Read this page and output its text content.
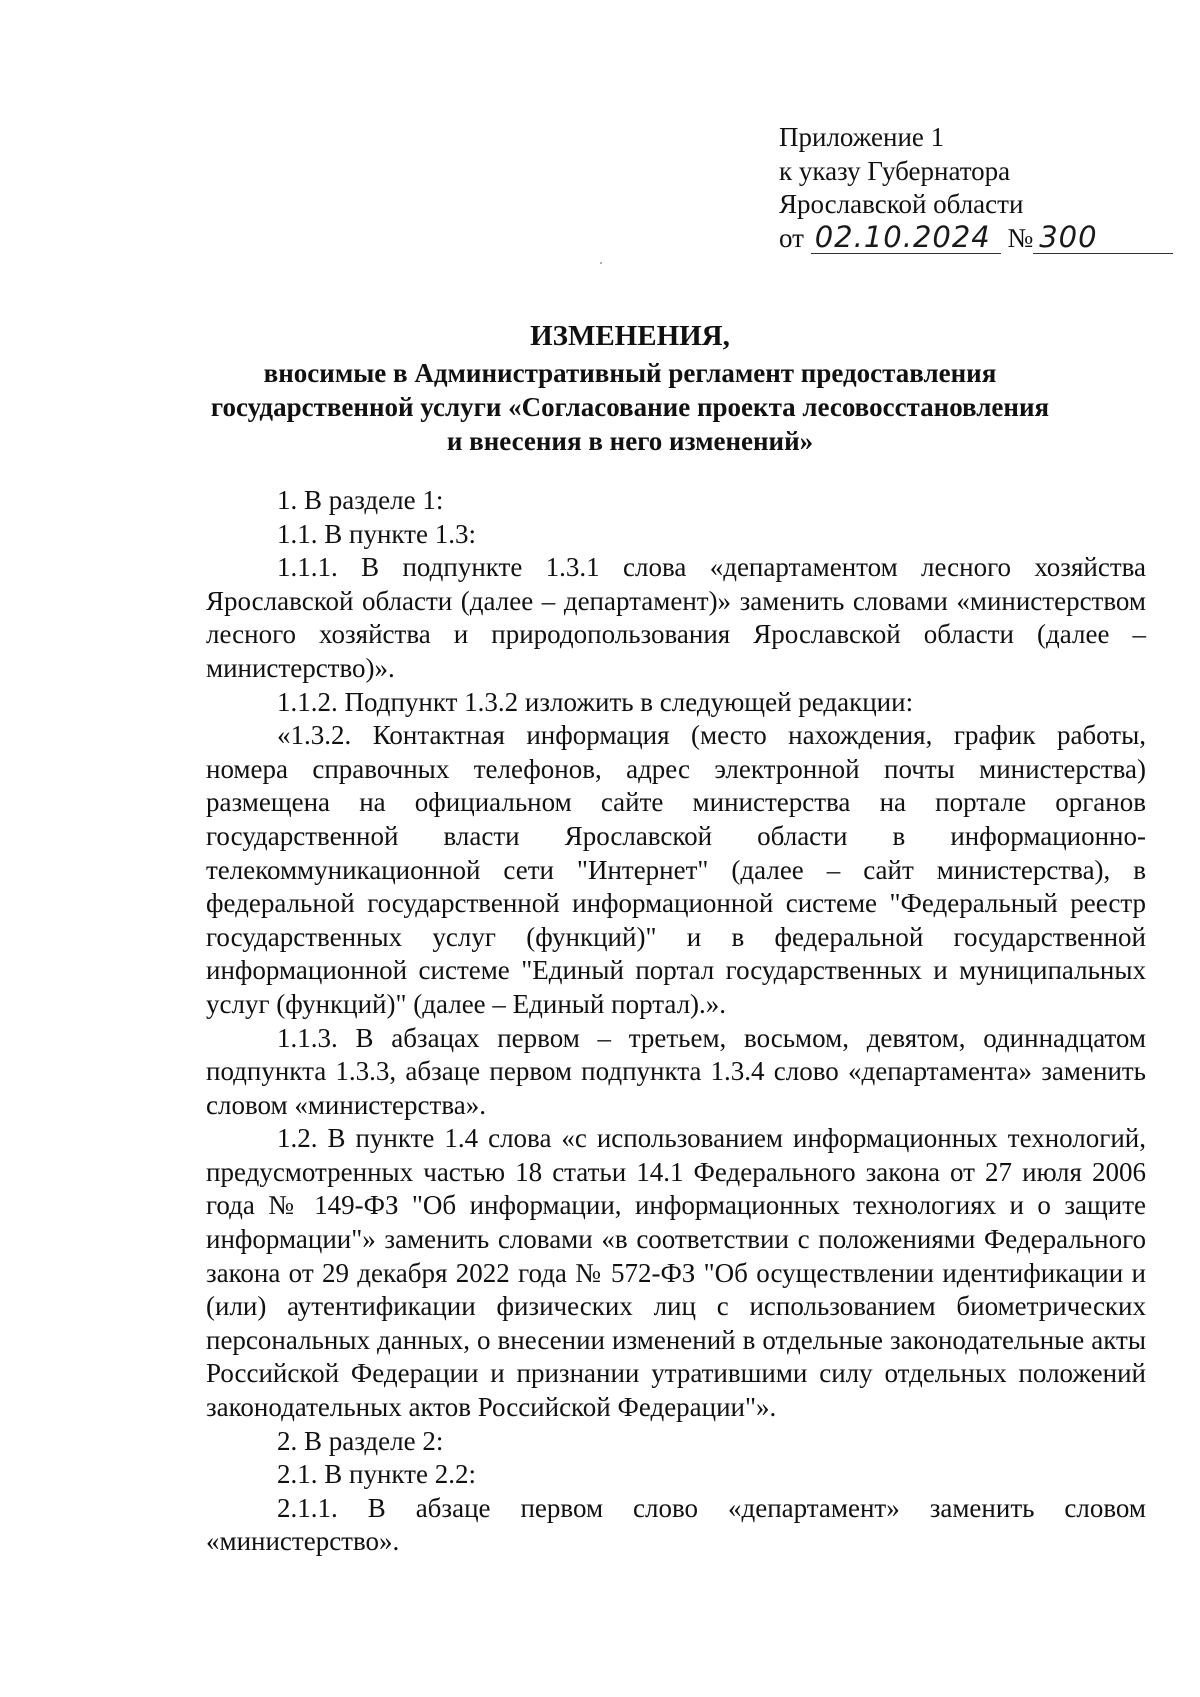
Приложение 1
к указу Губернатора
Ярославской области
от 02.10.2024 № 300
ИЗМЕНЕНИЯ,
вносимые в Административный регламент предоставления
государственной услуги «Согласование проекта лесовосстановления
и внесения в него изменений»

1. В разделе 1:

1.1. В пункте 1.3:

1.1.1. В подпункте 1.3.1 слова «департаментом лесного хозяйства Ярославской области (далее – департамент)» заменить словами «министерством лесного хозяйства и природопользования Ярославской области (далее – министерство)».

1.1.2. Подпункт 1.3.2 изложить в следующей редакции:

«1.3.2. Контактная информация (место нахождения, график работы, номера справочных телефонов, адрес электронной почты министерства) размещена на официальном сайте министерства на портале органов государственной власти Ярославской области в информационно-телекоммуникационной сети "Интернет" (далее – сайт министерства), в федеральной государственной информационной системе "Федеральный реестр государственных услуг (функций)" и в федеральной государственной информационной системе "Единый портал государственных и муниципальных услуг (функций)" (далее – Единый портал).».

1.1.3. В абзацах первом – третьем, восьмом, девятом, одиннадцатом подпункта 1.3.3, абзаце первом подпункта 1.3.4 слово «департамента» заменить словом «министерства».

1.2. В пункте 1.4 слова «с использованием информационных технологий, предусмотренных частью 18 статьи 14.1 Федерального закона от 27 июля 2006 года № 149-ФЗ "Об информации, информационных технологиях и о защите информации"» заменить словами «в соответствии с положениями Федерального закона от 29 декабря 2022 года № 572-ФЗ "Об осуществлении идентификации и (или) аутентификации физических лиц с использованием биометрических персональных данных, о внесении изменений в отдельные законодательные акты Российской Федерации и признании утратившими силу отдельных положений законодательных актов Российской Федерации"».

2. В разделе 2:

2.1. В пункте 2.2:

2.1.1. В абзаце первом слово «департамент» заменить словом «министерство».
